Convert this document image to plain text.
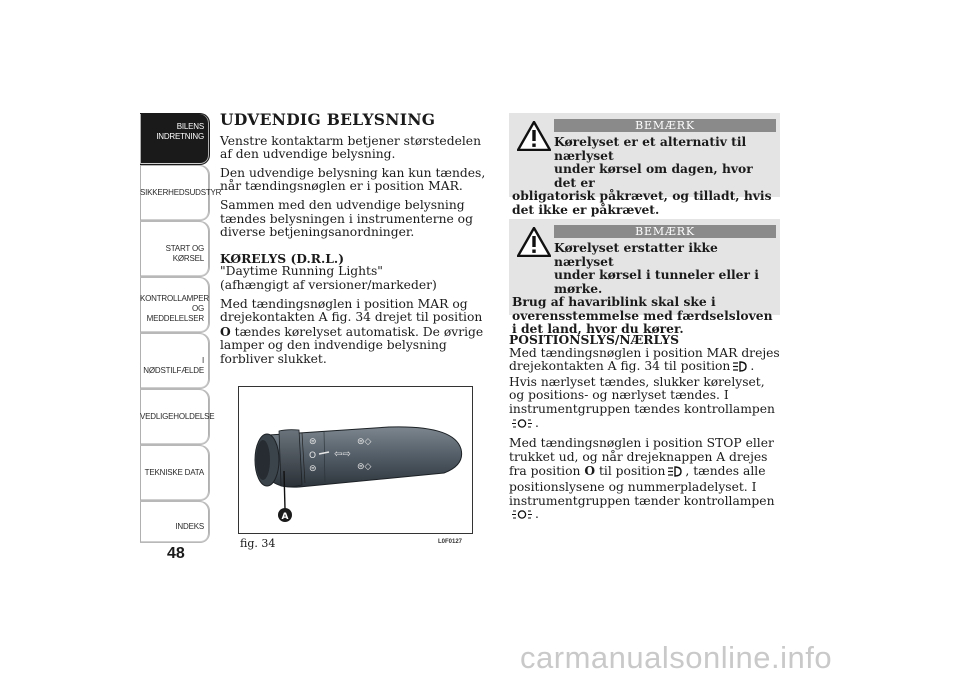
BILENS
INDRETNING
SIKKERHEDSUDSTYR
START OG KØRSEL
KONTROLLAMPER
OG MEDDELELSER
I NØDSTILFÆLDE
VEDLIGEHOLDELSE
TEKNISKE DATA
INDEKS
48
UDVENDIG BELYSNING

Venstre kontaktarm betjener størstedelen af den udvendige belysning.

Den udvendige belysning kan kun tændes, når tændingsnøglen er i position MAR.

Sammen med den udvendige belysning tændes belysningen i instrumenterne og diverse betjeningsanordninger.

KØRELYS (D.R.L.)
"Daytime Running Lights"
(afhængigt af versioner/markeder)

Med tændingsnøglen i position MAR og drejekontakten A fig. 34 drejet til position O tændes kørelyset automatisk. De øvrige lamper og den indvendige belysning forbliver slukket.

⊜
O
⊜
⇦⇨
⊜◇
⊜◇
A
fig. 34	L0F0127
BEMÆRK
Kørelyset er et alternativ til nærlyset
under kørsel om dagen, hvor det er
obligatorisk påkrævet, og tilladt, hvis det ikke er påkrævet.
BEMÆRK
Kørelyset erstatter ikke nærlyset
under kørsel i tunneler eller i mørke.
Brug af havariblink skal ske i overensstemmelse med færdselsloven i det land, hvor du kører.
POSITIONSLYS/NÆRLYS

Med tændingsnøglen i position MAR drejes drejekontakten A fig. 34 til position . Hvis nærlyset tændes, slukker kørelyset, og positions- og nærlyset tændes. I instrumentgruppen tændes kontrollampen.

Med tændingsnøglen i position STOP eller trukket ud, og når drejeknappen A drejes fra position O til position , tændes alle positionslysene og nummerpladelyset. I instrumentgruppen tænder kontrollampen.

carmanualsonline.info
